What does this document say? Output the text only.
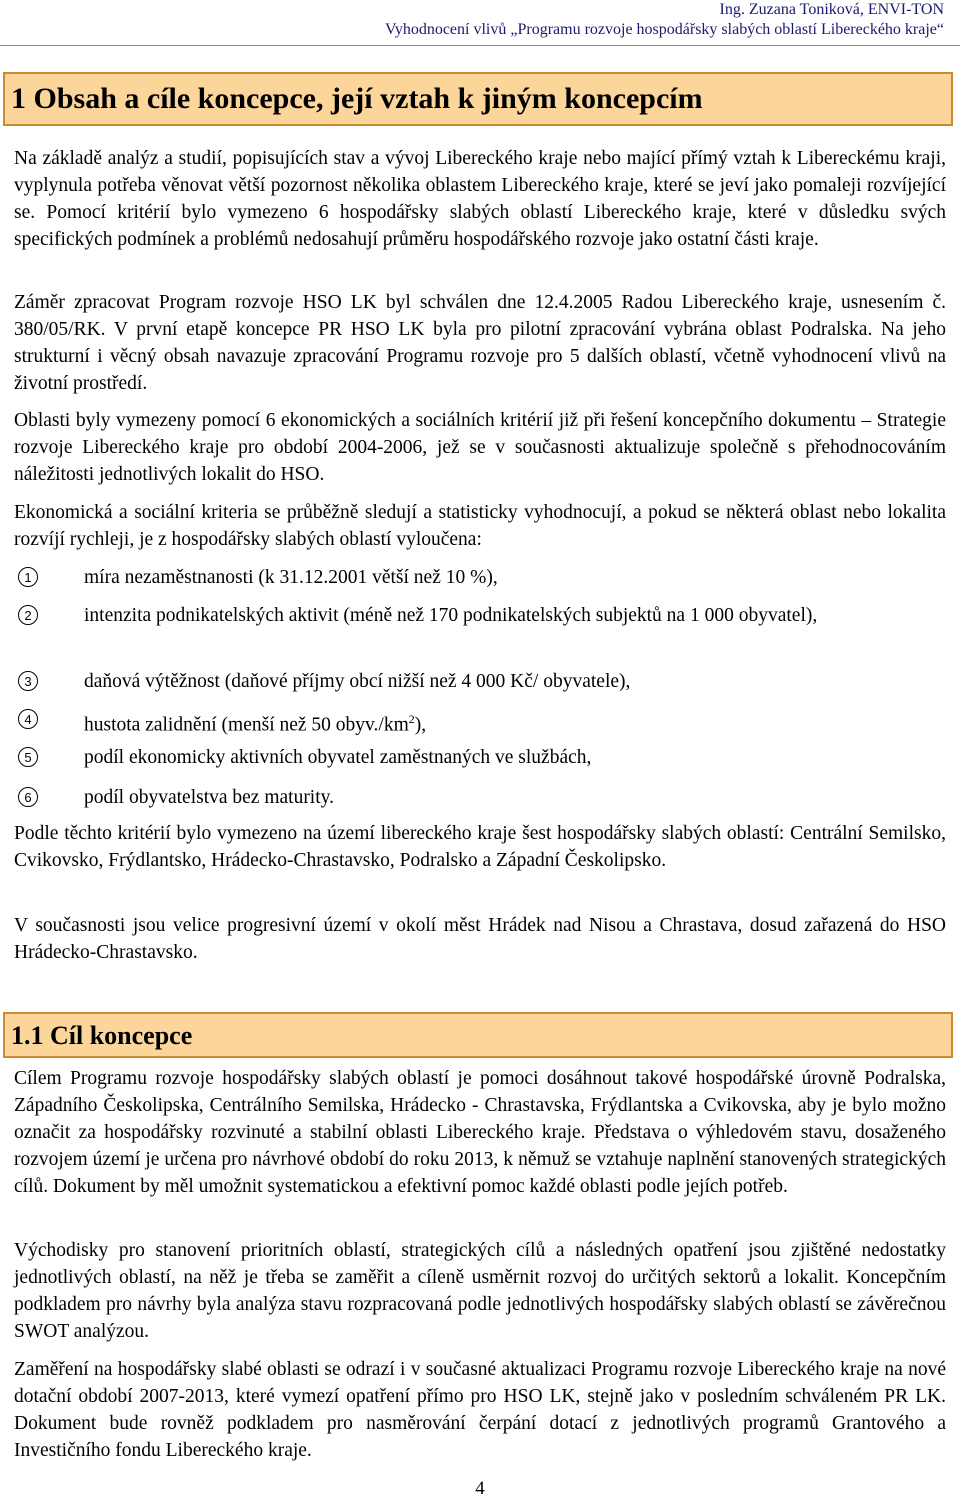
Ing. Zuzana Toniková, ENVI-TON
Vyhodnocení vlivů „Programu rozvoje hospodářsky slabých oblastí Libereckého kraje“
1 Obsah a cíle koncepce, její vztah k jiným koncepcím
Na základě analýz a studií, popisujících stav a vývoj Libereckého kraje nebo mající přímý vztah k Libereckému kraji, vyplynula potřeba věnovat větší pozornost několika oblastem Libereckého kraje, které se jeví jako pomaleji rozvíjející se. Pomocí kritérií bylo vymezeno 6 hospodářsky slabých oblastí Libereckého kraje, které v důsledku svých specifických podmínek a problémů nedosahují průměru hospodářského rozvoje jako ostatní části kraje.
Záměr zpracovat Program rozvoje HSO LK byl schválen dne 12.4.2005 Radou Libereckého kraje, usnesením č. 380/05/RK. V první etapě koncepce PR HSO LK byla pro pilotní zpracování vybrána oblast Podralska. Na jeho strukturní i věcný obsah navazuje zpracování Programu rozvoje pro 5 dalších oblastí, včetně vyhodnocení vlivů na životní prostředí.
Oblasti byly vymezeny pomocí 6 ekonomických a sociálních kritérií již při řešení koncepčního dokumentu – Strategie rozvoje Libereckého kraje pro období 2004-2006, jež se v současnosti aktualizuje společně s přehodnocováním náležitosti jednotlivých lokalit do HSO.
Ekonomická a sociální kriteria se průběžně sledují a statisticky vyhodnocují, a pokud se některá oblast nebo lokalita rozvíjí rychleji, je z hospodářsky slabých oblastí vyloučena:
1	míra nezaměstnanosti (k 31.12.2001 větší než 10 %),
2	intenzita podnikatelských aktivit (méně než 170 podnikatelských subjektů na 1 000 obyvatel),
3	daňová výtěžnost (daňové příjmy obcí nižší než 4 000 Kč/ obyvatele),
4	hustota zalidnění (menší než 50 $obyv./km^2$),
5	podíl ekonomicky aktivních obyvatel zaměstnaných ve službách,
6	podíl obyvatelstva bez maturity.
Podle těchto kritérií bylo vymezeno na území libereckého kraje šest hospodářsky slabých oblastí: Centrální Semilsko, Cvikovsko, Frýdlantsko, Hrádecko-Chrastavsko, Podralsko a Západní Českolipsko.
V současnosti jsou velice progresivní území v okolí měst Hrádek nad Nisou a Chrastava, dosud zařazená do HSO Hrádecko-Chrastavsko.
1.1 Cíl koncepce
Cílem Programu rozvoje hospodářsky slabých oblastí je pomoci dosáhnout takové hospodářské úrovně Podralska, Západního Českolipska, Centrálního Semilska, Hrádecko - Chrastavska, Frýdlantska a Cvikovska, aby je bylo možno označit za hospodářsky rozvinuté a stabilní oblasti Libereckého kraje. Představa o výhledovém stavu, dosaženého rozvojem území je určena pro návrhové období do roku 2013, k němuž se vztahuje naplnění stanovených strategických cílů. Dokument by měl umožnit systematickou a efektivní pomoc každé oblasti podle jejích potřeb.
Východisky pro stanovení prioritních oblastí, strategických cílů a následných opatření jsou zjištěné nedostatky jednotlivých oblastí, na něž je třeba se zaměřit a cíleně usměrnit rozvoj do určitých sektorů a lokalit. Koncepčním podkladem pro návrhy byla analýza stavu rozpracovaná podle jednotlivých hospodářsky slabých oblastí se závěrečnou SWOT analýzou.
Zaměření na hospodářsky slabé oblasti se odrazí i v současné aktualizaci Programu rozvoje Libereckého kraje na nové dotační období 2007-2013, které vymezí opatření přímo pro HSO LK, stejně jako v posledním schváleném PR LK. Dokument bude rovněž podkladem pro nasměrování čerpání dotací z jednotlivých programů Grantového a Investičního fondu Libereckého kraje.
4
